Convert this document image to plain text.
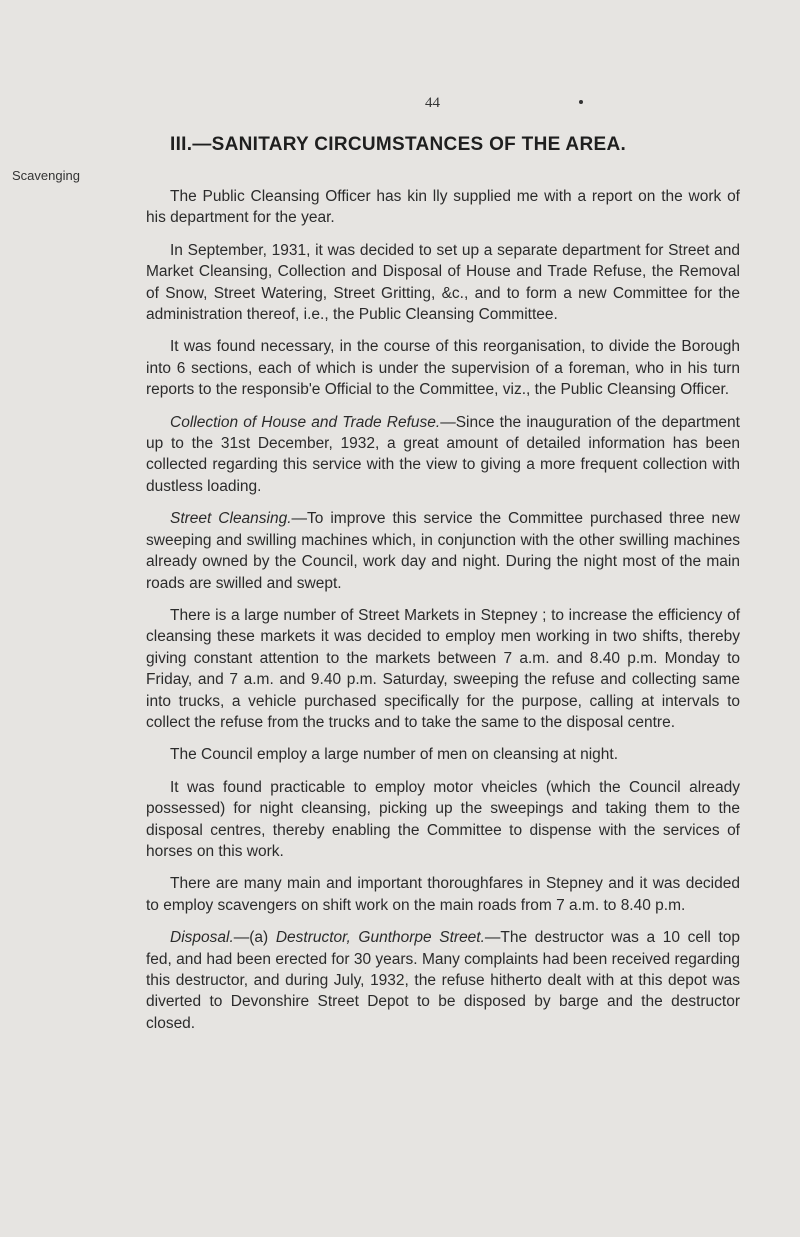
44
III.—SANITARY CIRCUMSTANCES OF THE AREA.
Scavenging

The Public Cleansing Officer has kin lly supplied me with a report on the work of his department for the year.

In September, 1931, it was decided to set up a separate department for Street and Market Cleansing, Collection and Disposal of House and Trade Refuse, the Removal of Snow, Street Watering, Street Gritting, &c., and to form a new Committee for the administration thereof, i.e., the Public Cleansing Committee.

It was found necessary, in the course of this reorganisation, to divide the Borough into 6 sections, each of which is under the supervision of a foreman, who in his turn reports to the responsib'e Official to the Committee, viz., the Public Cleansing Officer.

Collection of House and Trade Refuse.—Since the inauguration of the department up to the 31st December, 1932, a great amount of detailed information has been collected regarding this service with the view to giving a more frequent collection with dustless loading.

Street Cleansing.—To improve this service the Committee purchased three new sweeping and swilling machines which, in conjunction with the other swilling machines already owned by the Council, work day and night. During the night most of the main roads are swilled and swept.

There is a large number of Street Markets in Stepney ; to increase the efficiency of cleansing these markets it was decided to employ men working in two shifts, thereby giving constant attention to the markets between 7 a.m. and 8.40 p.m. Monday to Friday, and 7 a.m. and 9.40 p.m. Saturday, sweeping the refuse and collecting same into trucks, a vehicle purchased specifically for the purpose, calling at intervals to collect the refuse from the trucks and to take the same to the disposal centre.

The Council employ a large number of men on cleansing at night.

It was found practicable to employ motor vheicles (which the Council already possessed) for night cleansing, picking up the sweepings and taking them to the disposal centres, thereby enabling the Committee to dispense with the services of horses on this work.

There are many main and important thoroughfares in Stepney and it was decided to employ scavengers on shift work on the main roads from 7 a.m. to 8.40 p.m.

Disposal.—(a) Destructor, Gunthorpe Street.—The destructor was a 10 cell top fed, and had been erected for 30 years. Many complaints had been received regarding this destructor, and during July, 1932, the refuse hitherto dealt with at this depot was diverted to Devonshire Street Depot to be disposed by barge and the destructor closed.
